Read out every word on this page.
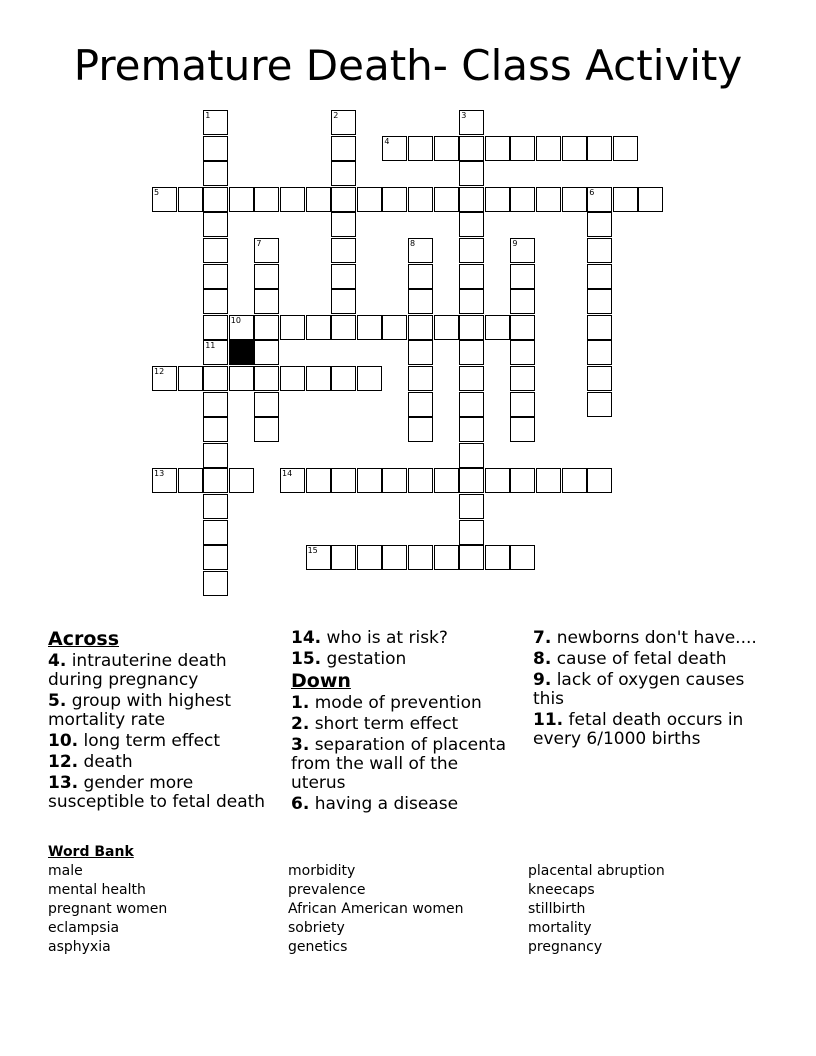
Premature Death- Class Activity
1
11
2	3
4
5	6
7	8	9
10
12
13	14
15
Across
4. intrauterine death during pregnancy
5. group with highest mortality rate
10. long term effect
12. death
13. gender more susceptible to fetal death
14. who is at risk?
15. gestation
Down
1. mode of prevention
2. short term effect
3. separation of placenta from the wall of the uterus
6. having a disease
7. newborns don't have....
8. cause of fetal death
9. lack of oxygen causes this
11. fetal death occurs in every 6/1000 births
Word Bank
male
mental health
pregnant women
eclampsia
asphyxia
morbidity
prevalence
African American women
sobriety
genetics
placental abruption
kneecaps
stillbirth
mortality
pregnancy
